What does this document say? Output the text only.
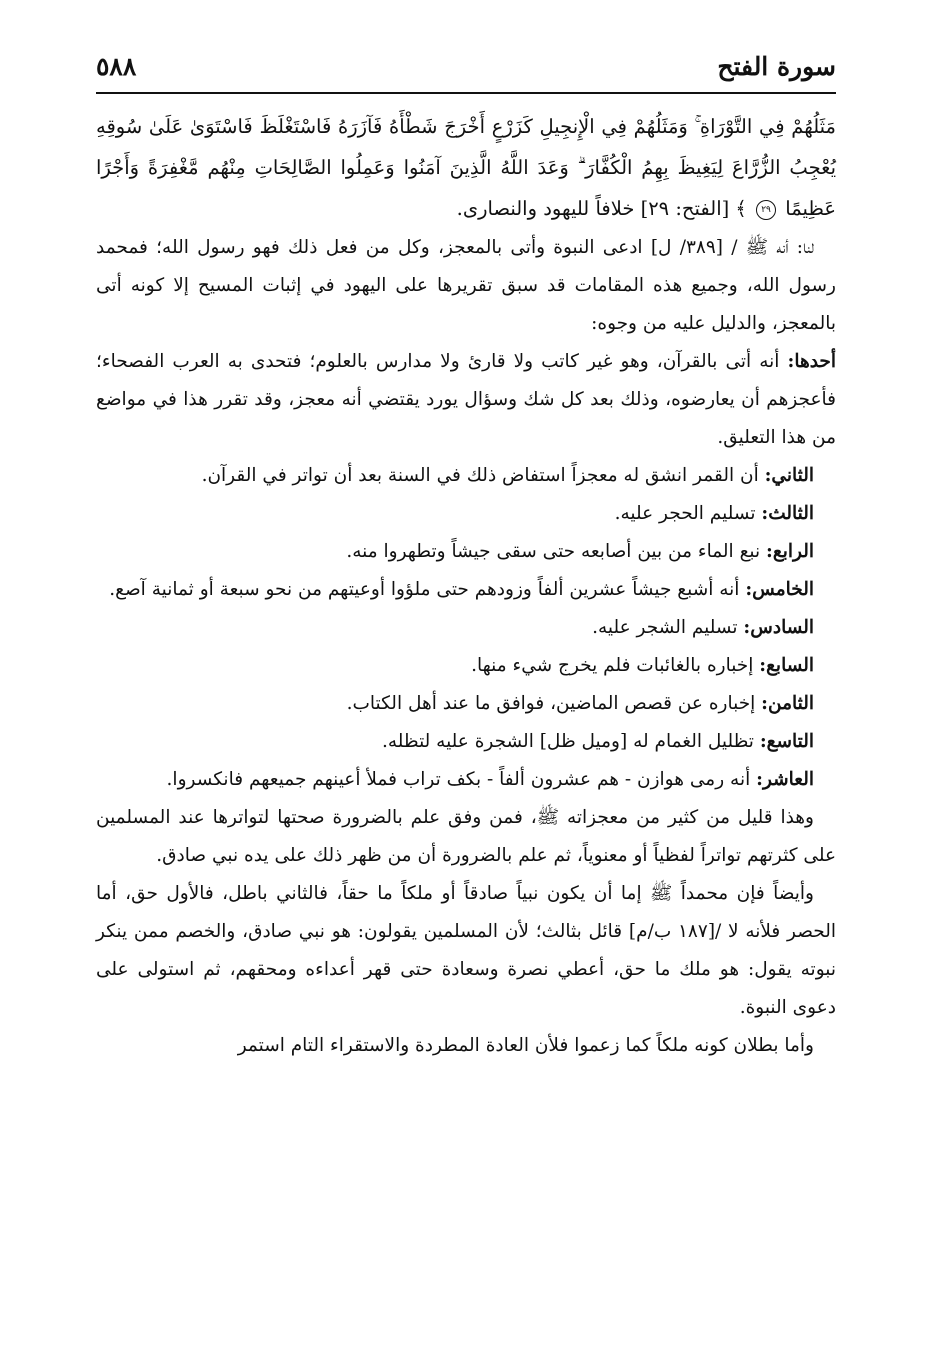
سورة الفتح
٥٨٨

مَثَلُهُمْ فِي التَّوْرَاةِ ۚ وَمَثَلُهُمْ فِي الْإِنجِيلِ كَزَرْعٍ أَخْرَجَ شَطْأَهُ فَآزَرَهُ فَاسْتَغْلَظَ فَاسْتَوَىٰ عَلَىٰ سُوقِهِ يُعْجِبُ الزُّرَّاعَ لِيَغِيظَ بِهِمُ الْكُفَّارَ ۗ وَعَدَ اللَّهُ الَّذِينَ آمَنُوا وَعَمِلُوا الصَّالِحَاتِ مِنْهُم مَّغْفِرَةً وَأَجْرًا عَظِيمًا ٢٩ ﴾ [الفتح: ٢٩] خلافاً لليهود والنصارى.

لنا: أنه ﷺ / [٣٨٩/ ل] ادعى النبوة وأتى بالمعجز، وكل من فعل ذلك فهو رسول الله؛ فمحمد رسول الله، وجميع هذه المقامات قد سبق تقريرها على اليهود في إثبات المسيح إلا كونه أتى بالمعجز، والدليل عليه من وجوه:

أحدها: أنه أتى بالقرآن، وهو غير كاتب ولا قارئ ولا مدارس بالعلوم؛ فتحدى به العرب الفصحاء؛ فأعجزهم أن يعارضوه، وذلك بعد كل شك وسؤال يورد يقتضي أنه معجز، وقد تقرر هذا في مواضع من هذا التعليق.

الثاني: أن القمر انشق له معجزاً استفاض ذلك في السنة بعد أن تواتر في القرآن.

الثالث: تسليم الحجر عليه.

الرابع: نبع الماء من بين أصابعه حتى سقى جيشاً وتطهروا منه.

الخامس: أنه أشبع جيشاً عشرين ألفاً وزودهم حتى ملؤوا أوعيتهم من نحو سبعة أو ثمانية آصع.

السادس: تسليم الشجر عليه.

السابع: إخباره بالغائبات فلم يخرج شيء منها.

الثامن: إخباره عن قصص الماضين، فوافق ما عند أهل الكتاب.

التاسع: تظليل الغمام له [وميل ظل] الشجرة عليه لتظله.

العاشر: أنه رمى هوازن - هم عشرون ألفاً - بكف تراب فملأ أعينهم جميعهم فانكسروا.

وهذا قليل من كثير من معجزاته ﷺ، فمن وفق علم بالضرورة صحتها لتواترها عند المسلمين على كثرتهم تواتراً لفظياً أو معنوياً، ثم علم بالضرورة أن من ظهر ذلك على يده نبي صادق.

وأيضاً فإن محمداً ﷺ إما أن يكون نبياً صادقاً أو ملكاً ما حقاً، فالثاني باطل، فالأول حق، أما الحصر فلأنه لا /[١٨٧ ب/م] قائل بثالث؛ لأن المسلمين يقولون: هو نبي صادق، والخصم ممن ينكر نبوته يقول: هو ملك ما حق، أعطي نصرة وسعادة حتى قهر أعداءه ومحقهم، ثم استولى على دعوى النبوة.

وأما بطلان كونه ملكاً كما زعموا فلأن العادة المطردة والاستقراء التام استمر
